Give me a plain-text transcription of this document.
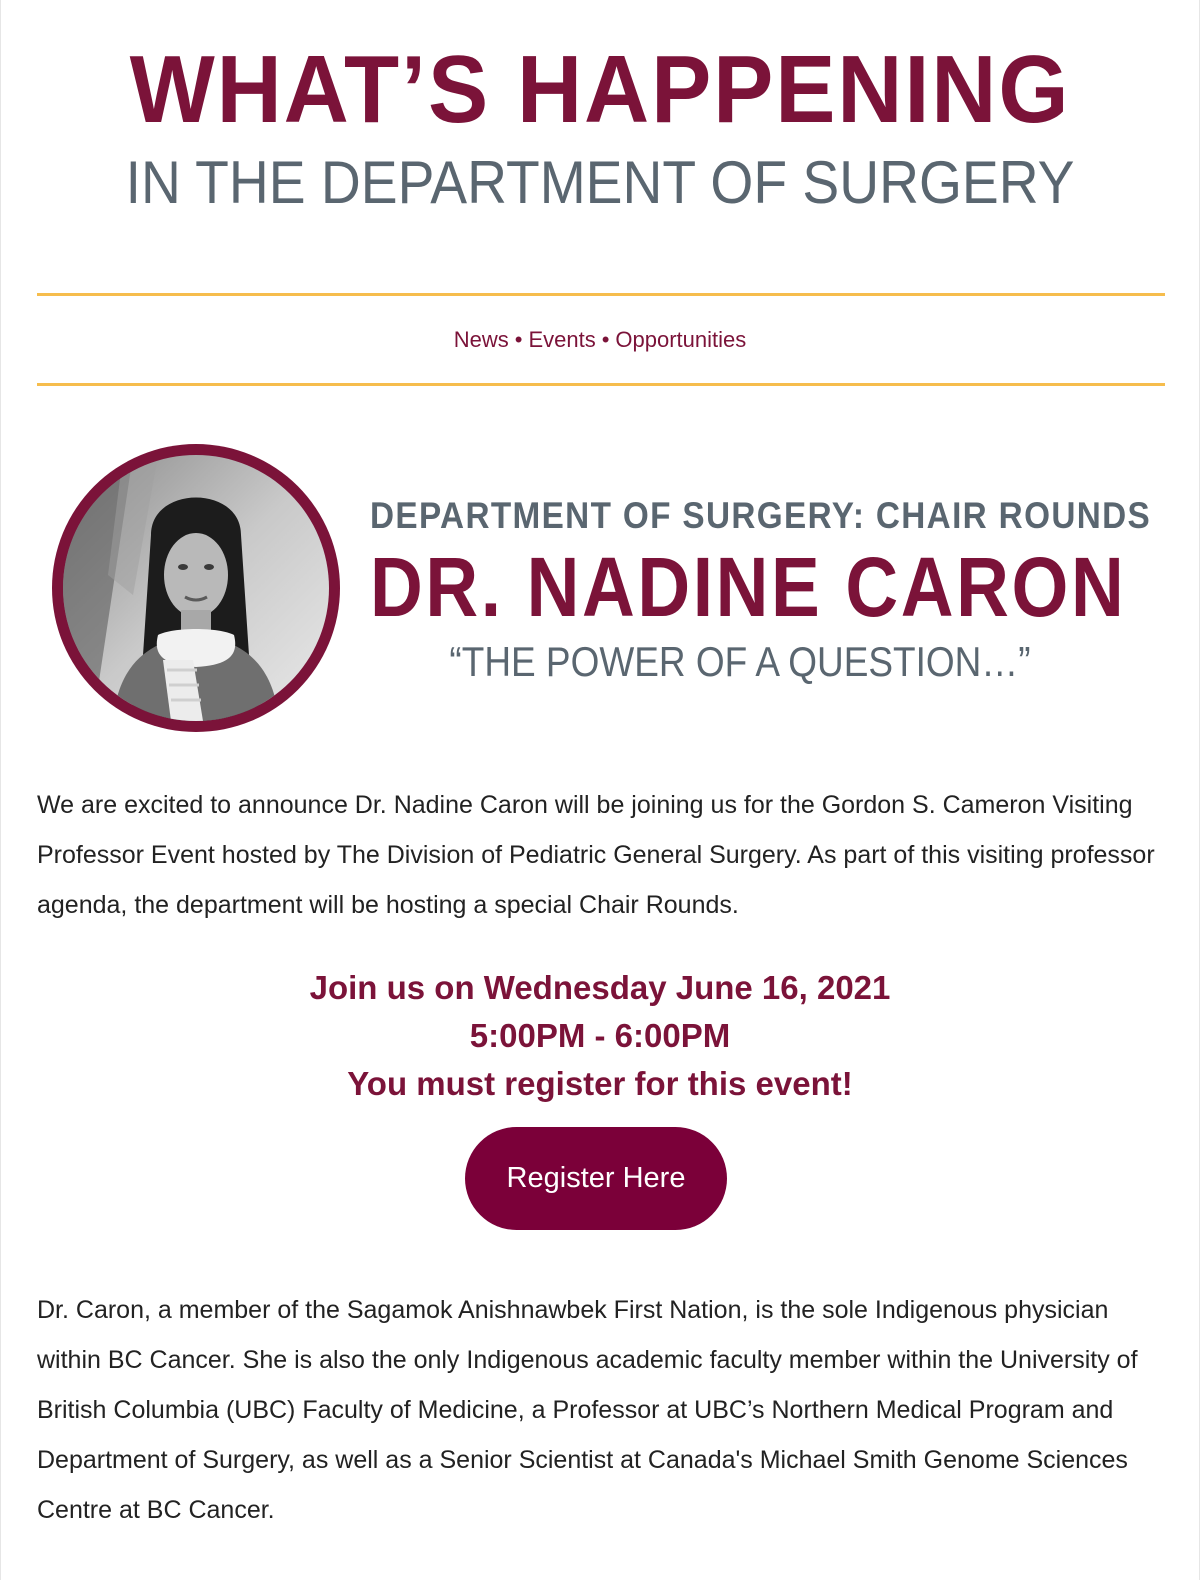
WHAT’S HAPPENING
IN THE DEPARTMENT OF SURGERY
News • Events • Opportunities
DEPARTMENT OF SURGERY: CHAIR ROUNDS
DR. NADINE CARON
“THE POWER OF A QUESTION…”
We are excited to announce Dr. Nadine Caron will be joining us for the Gordon S. Cameron Visiting Professor Event hosted by The Division of Pediatric General Surgery. As part of this visiting professor agenda, the department will be hosting a special Chair Rounds.
Join us on Wednesday June 16, 2021
5:00PM - 6:00PM
You must register for this event!
Register Here
Dr. Caron, a member of the Sagamok Anishnawbek First Nation, is the sole Indigenous physician within BC Cancer. She is also the only Indigenous academic faculty member within the University of British Columbia (UBC) Faculty of Medicine, a Professor at UBC’s Northern Medical Program and Department of Surgery, as well as a Senior Scientist at Canada's Michael Smith Genome Sciences Centre at BC Cancer.
